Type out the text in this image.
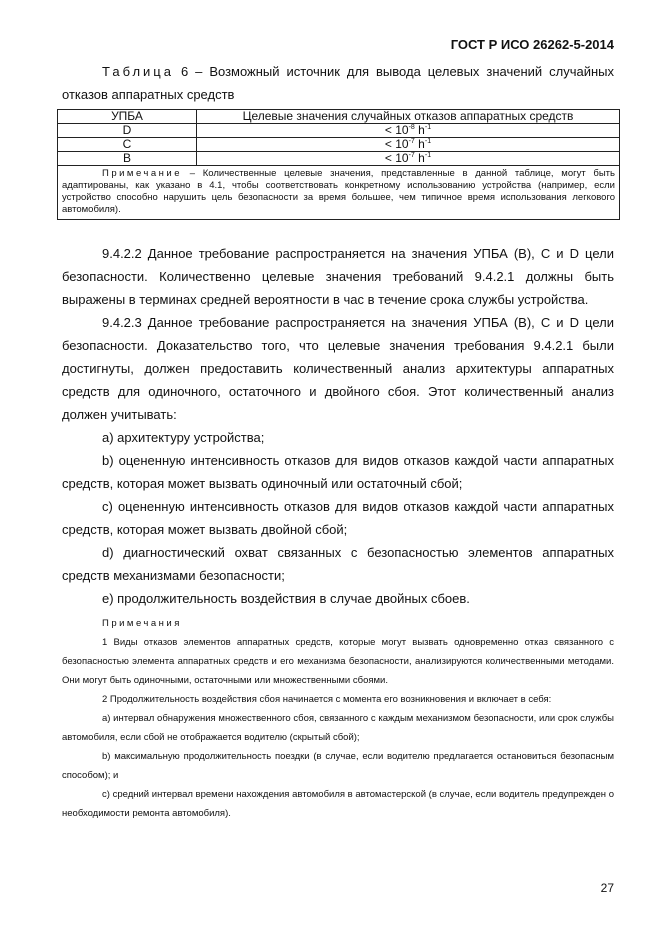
ГОСТ Р ИСО 26262-5-2014
Таблица 6 – Возможный источник для вывода целевых значений случайных отказов аппаратных средств
УПБА	Целевые значения случайных отказов аппаратных средств
D	< $10^{-8}$ $h^{-1}$
C	< $10^{-7}$ $h^{-1}$
B	< $10^{-7}$ $h^{-1}$
Примечание – Количественные целевые значения, представленные в данной таблице, могут быть адаптированы, как указано в 4.1, чтобы соответствовать конкретному использованию устройства (например, если устройство способно нарушить цель безопасности за время большее, чем типичное время использования легкового автомобиля).	

9.4.2.2 Данное требование распространяется на значения УПБА (B), C и D цели безопасности. Количественно целевые значения требований 9.4.2.1 должны быть выражены в терминах средней вероятности в час в течение срока службы устройства.

9.4.2.3 Данное требование распространяется на значения УПБА (B), C и D цели безопасности. Доказательство того, что целевые значения требования 9.4.2.1 были достигнуты, должен предоставить количественный анализ архитектуры аппаратных средств для одиночного, остаточного и двойного сбоя. Этот количественный анализ должен учитывать:

a) архитектуру устройства;

b) оцененную интенсивность отказов для видов отказов каждой части аппаратных средств, которая может вызвать одиночный или остаточный сбой;

c) оцененную интенсивность отказов для видов отказов каждой части аппаратных средств, которая может вызвать двойной сбой;

d) диагностический охват связанных с безопасностью элементов аппаратных средств механизмами безопасности;

e) продолжительность воздействия в случае двойных сбоев.

Примечания

1 Виды отказов элементов аппаратных средств, которые могут вызвать одновременно отказ связанного с безопасностью элемента аппаратных средств и его механизма безопасности, анализируются количественными методами. Они могут быть одиночными, остаточными или множественными сбоями.

2 Продолжительность воздействия сбоя начинается с момента его возникновения и включает в себя:

a) интервал обнаружения множественного сбоя, связанного с каждым механизмом безопасности, или срок службы автомобиля, если сбой не отображается водителю (скрытый сбой);

b) максимальную продолжительность поездки (в случае, если водителю предлагается остановиться безопасным способом); и

c) средний интервал времени нахождения автомобиля в автомастерской (в случае, если водитель предупрежден о необходимости ремонта автомобиля).

27
